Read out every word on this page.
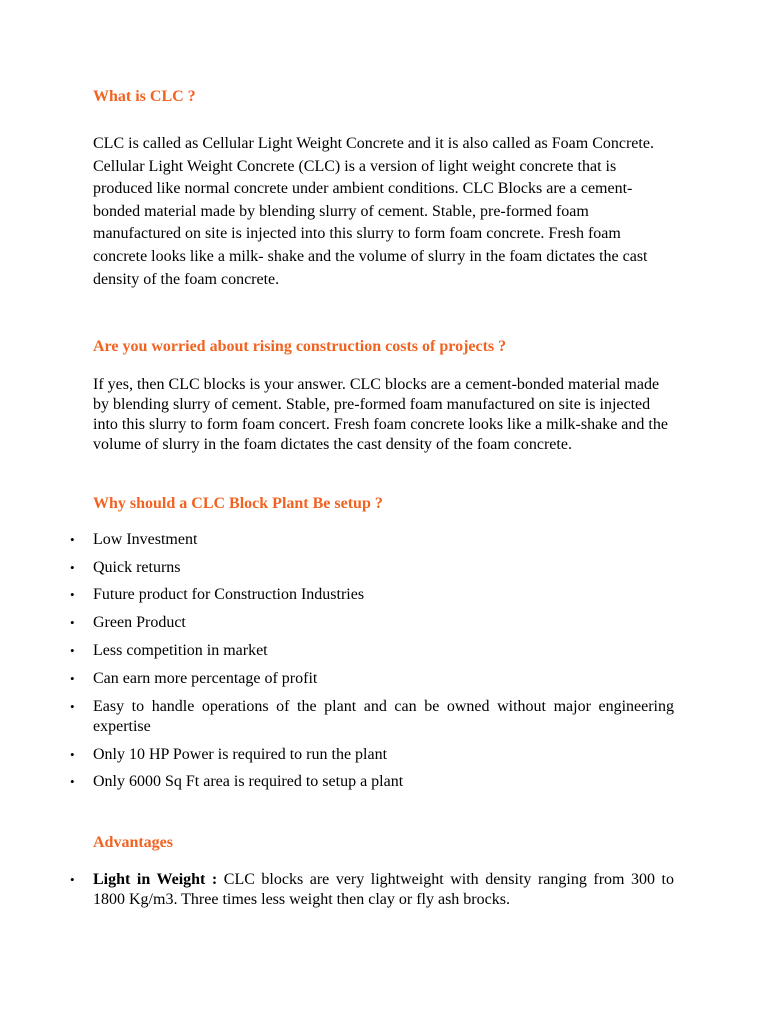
What is CLC ?

CLC is called as Cellular Light Weight Concrete and it is also called as Foam Concrete. Cellular Light Weight Concrete (CLC) is a version of light weight concrete that is produced like normal concrete under ambient conditions. CLC Blocks are a cement-bonded material made by blending slurry of cement. Stable, pre-formed foam manufactured on site is injected into this slurry to form foam concrete. Fresh foam concrete looks like a milk- shake and the volume of slurry in the foam dictates the cast density of the foam concrete.

Are you worried about rising construction costs of projects ?

If yes, then CLC blocks is your answer. CLC blocks are a cement-bonded material made by blending slurry of cement. Stable, pre-formed foam manufactured on site is injected into this slurry to form foam concert. Fresh foam concrete looks like a milk-shake and the volume of slurry in the foam dictates the cast density of the foam concrete.

Why should a CLC Block Plant Be setup ?
• Low Investment
• Quick returns
• Future product for Construction Industries
• Green Product
• Less competition in market
• Can earn more percentage of profit
• Easy to handle operations of the plant and can be owned without major engineering expertise
• Only 10 HP Power is required to run the plant
• Only 6000 Sq Ft area is required to setup a plant
Advantages
• Light in Weight : CLC blocks are very lightweight with density ranging from 300 to 1800 Kg/m3. Three times less weight then clay or fly ash brocks.
